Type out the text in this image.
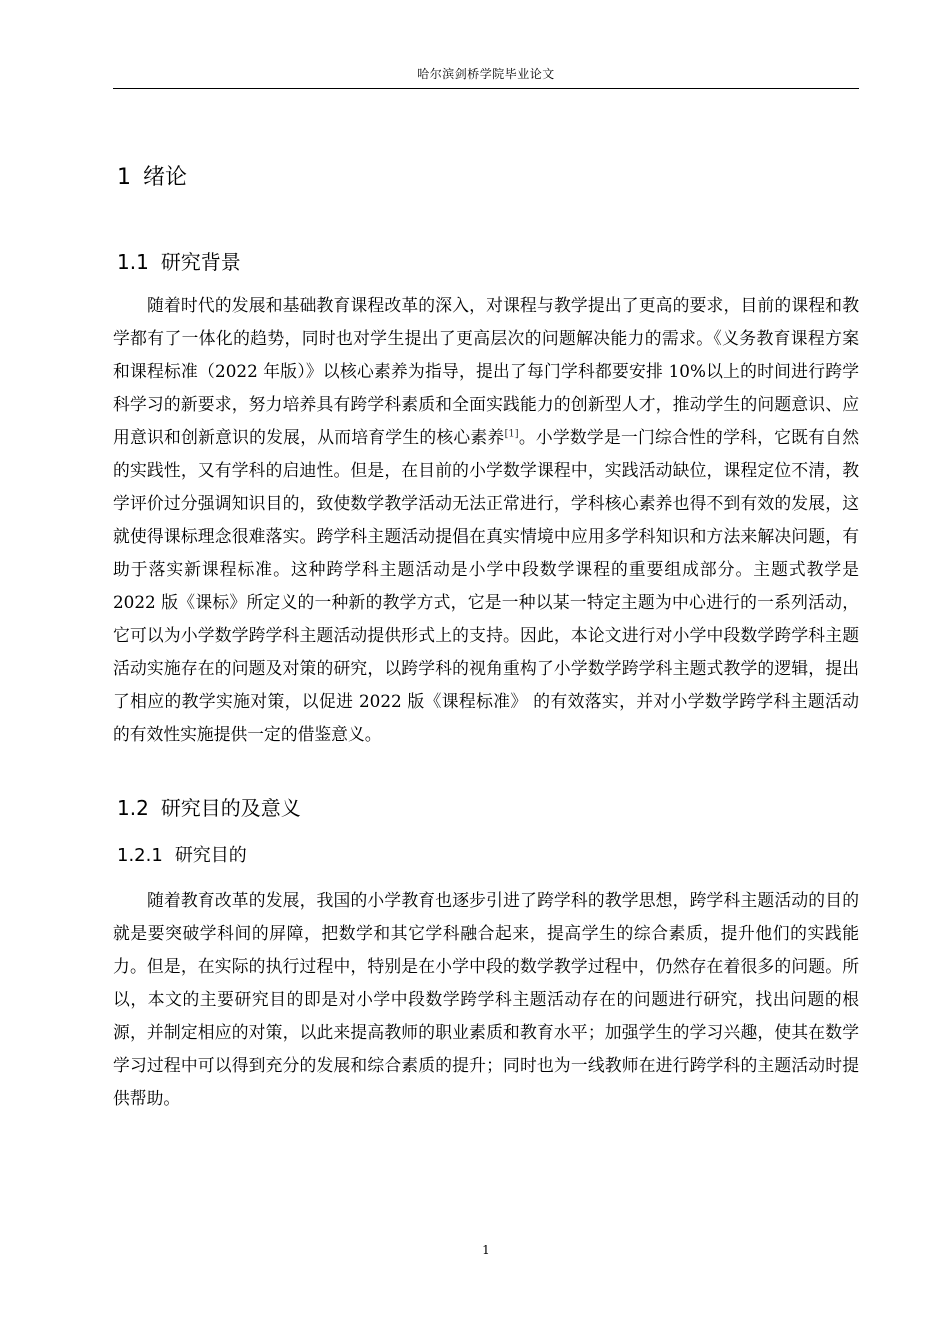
哈尔滨剑桥学院毕业论文
1 绪论
1.1 研究背景

随着时代的发展和基础教育课程改革的深入，对课程与教学提出了更高的要求，目前的课程和教学都有了一体化的趋势，同时也对学生提出了更高层次的问题解决能力的需求。《义务教育课程方案和课程标准（2022 年版）》以核心素养为指导，提出了每门学科都要安排 10%以上的时间进行跨学科学习的新要求，努力培养具有跨学科素质和全面实践能力的创新型人才，推动学生的问题意识、应用意识和创新意识的发展，从而培育学生的核心素养[1]。小学数学是一门综合性的学科，它既有自然的实践性，又有学科的启迪性。但是，在目前的小学数学课程中，实践活动缺位，课程定位不清，教学评价过分强调知识目的，致使数学教学活动无法正常进行，学科核心素养也得不到有效的发展，这就使得课标理念很难落实。跨学科主题活动提倡在真实情境中应用多学科知识和方法来解决问题，有助于落实新课程标准。这种跨学科主题活动是小学中段数学课程的重要组成部分。主题式教学是 2022 版《课标》所定义的一种新的教学方式，它是一种以某一特定主题为中心进行的一系列活动，它可以为小学数学跨学科主题活动提供形式上的支持。因此，本论文进行对小学中段数学跨学科主题活动实施存在的问题及对策的研究，以跨学科的视角重构了小学数学跨学科主题式教学的逻辑，提出了相应的教学实施对策，以促进 2022 版《课程标准》 的有效落实，并对小学数学跨学科主题活动的有效性实施提供一定的借鉴意义。

1.2 研究目的及意义
1.2.1 研究目的

随着教育改革的发展，我国的小学教育也逐步引进了跨学科的教学思想，跨学科主题活动的目的就是要突破学科间的屏障，把数学和其它学科融合起来，提高学生的综合素质，提升他们的实践能力。但是，在实际的执行过程中，特别是在小学中段的数学教学过程中，仍然存在着很多的问题。所以，本文的主要研究目的即是对小学中段数学跨学科主题活动存在的问题进行研究，找出问题的根源，并制定相应的对策，以此来提高教师的职业素质和教育水平；加强学生的学习兴趣，使其在数学学习过程中可以得到充分的发展和综合素质的提升；同时也为一线教师在进行跨学科的主题活动时提供帮助。

1
